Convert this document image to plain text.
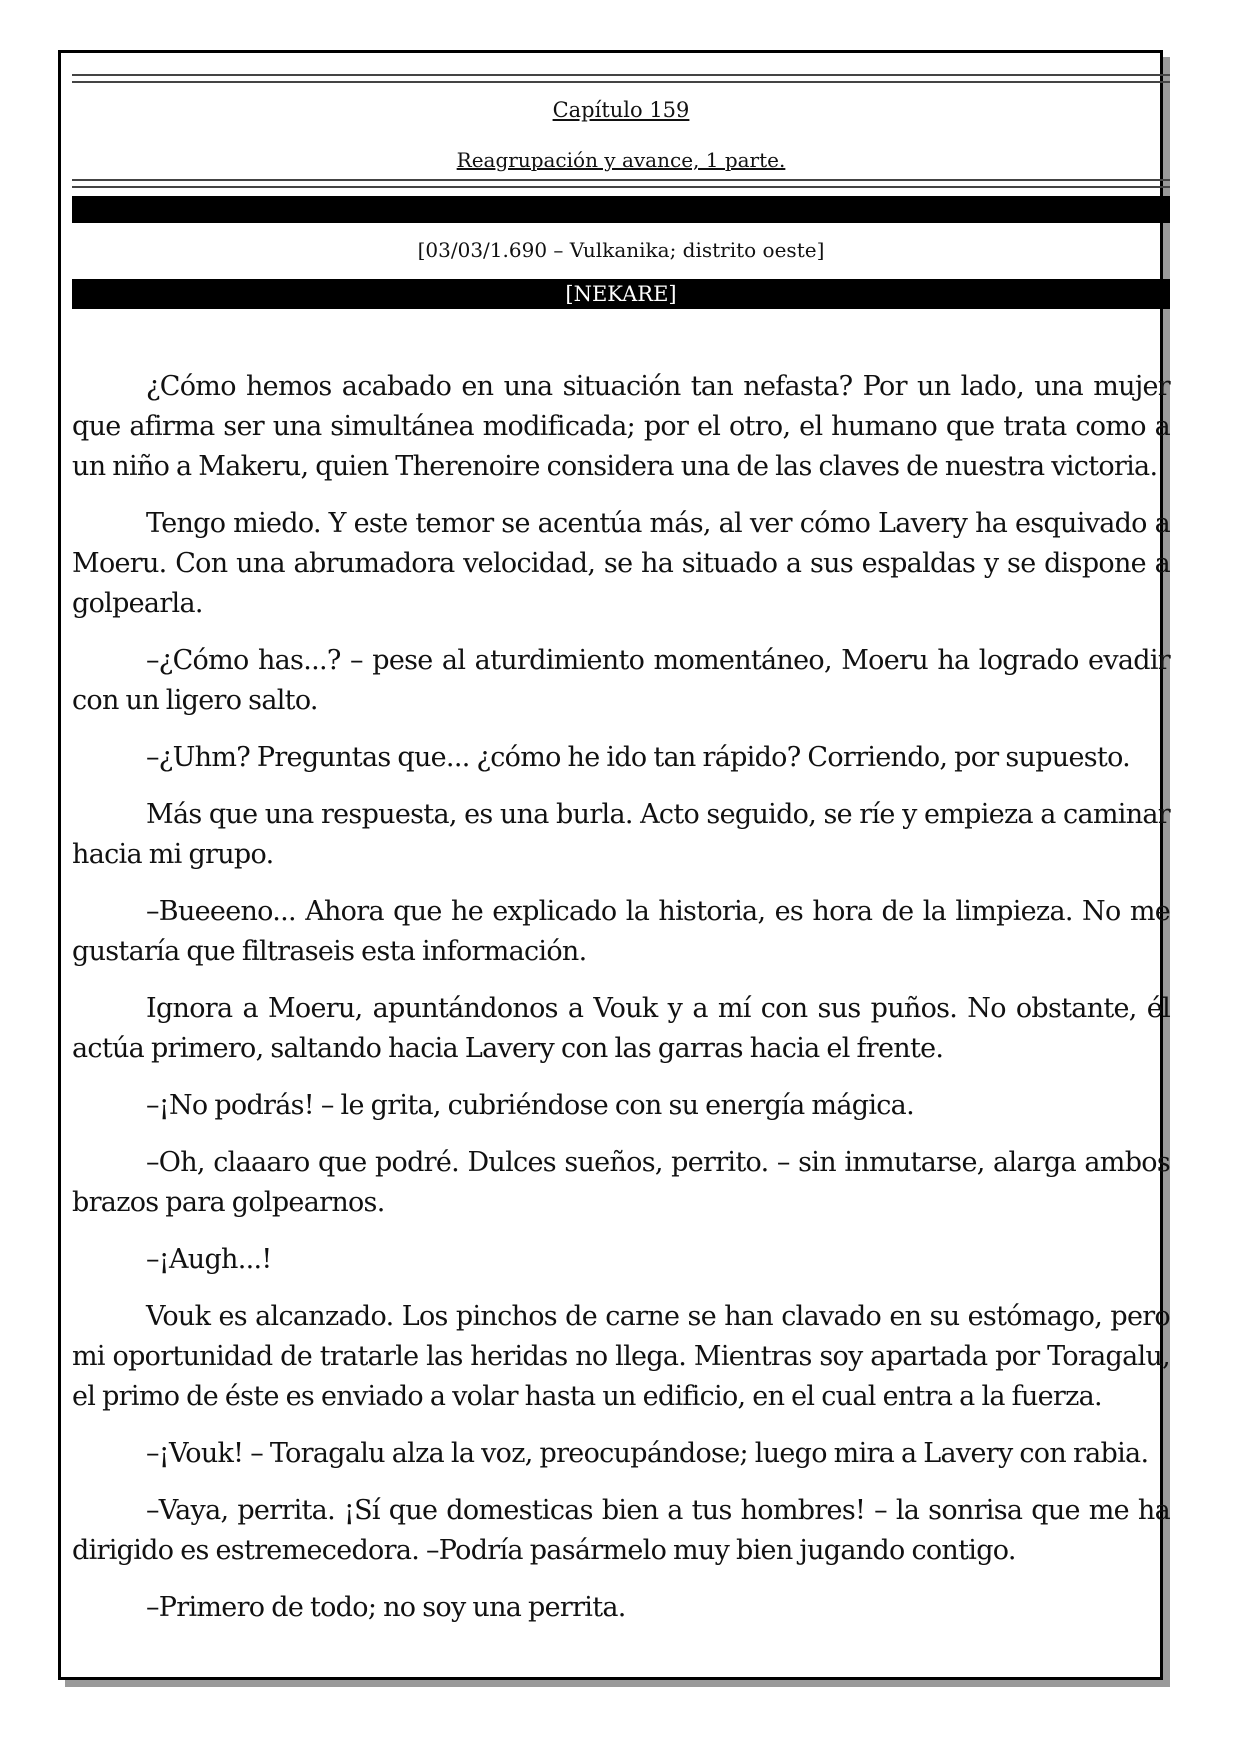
Capítulo 159
Reagrupación y avance, 1 parte.
[03/03/1.690 – Vulkanika; distrito oeste]
[NEKARE]

¿Cómo hemos acabado en una situación tan nefasta? Por un lado, una mujer que afirma ser una simultánea modificada; por el otro, el humano que trata como a un niño a Makeru, quien Therenoire considera una de las claves de nuestra victoria.

Tengo miedo. Y este temor se acentúa más, al ver cómo Lavery ha esquivado a Moeru. Con una abrumadora velocidad, se ha situado a sus espaldas y se dispone a golpearla.

–¿Cómo has...? – pese al aturdimiento momentáneo, Moeru ha logrado evadir con un ligero salto.

–¿Uhm? Preguntas que... ¿cómo he ido tan rápido? Corriendo, por supuesto.

Más que una respuesta, es una burla. Acto seguido, se ríe y empieza a caminar hacia mi grupo.

–Bueeeno... Ahora que he explicado la historia, es hora de la limpieza. No me gustaría que filtraseis esta información.

Ignora a Moeru, apuntándonos a Vouk y a mí con sus puños. No obstante, él actúa primero, saltando hacia Lavery con las garras hacia el frente.

–¡No podrás! – le grita, cubriéndose con su energía mágica.

–Oh, claaaro que podré. Dulces sueños, perrito. – sin inmutarse, alarga ambos brazos para golpearnos.

–¡Augh...!

Vouk es alcanzado. Los pinchos de carne se han clavado en su estómago, pero mi oportunidad de tratarle las heridas no llega. Mientras soy apartada por Toragalu, el primo de éste es enviado a volar hasta un edificio, en el cual entra a la fuerza.

–¡Vouk! – Toragalu alza la voz, preocupándose; luego mira a Lavery con rabia.

–Vaya, perrita. ¡Sí que domesticas bien a tus hombres! – la sonrisa que me ha dirigido es estremecedora. –Podría pasármelo muy bien jugando contigo.

–Primero de todo; no soy una perrita.
